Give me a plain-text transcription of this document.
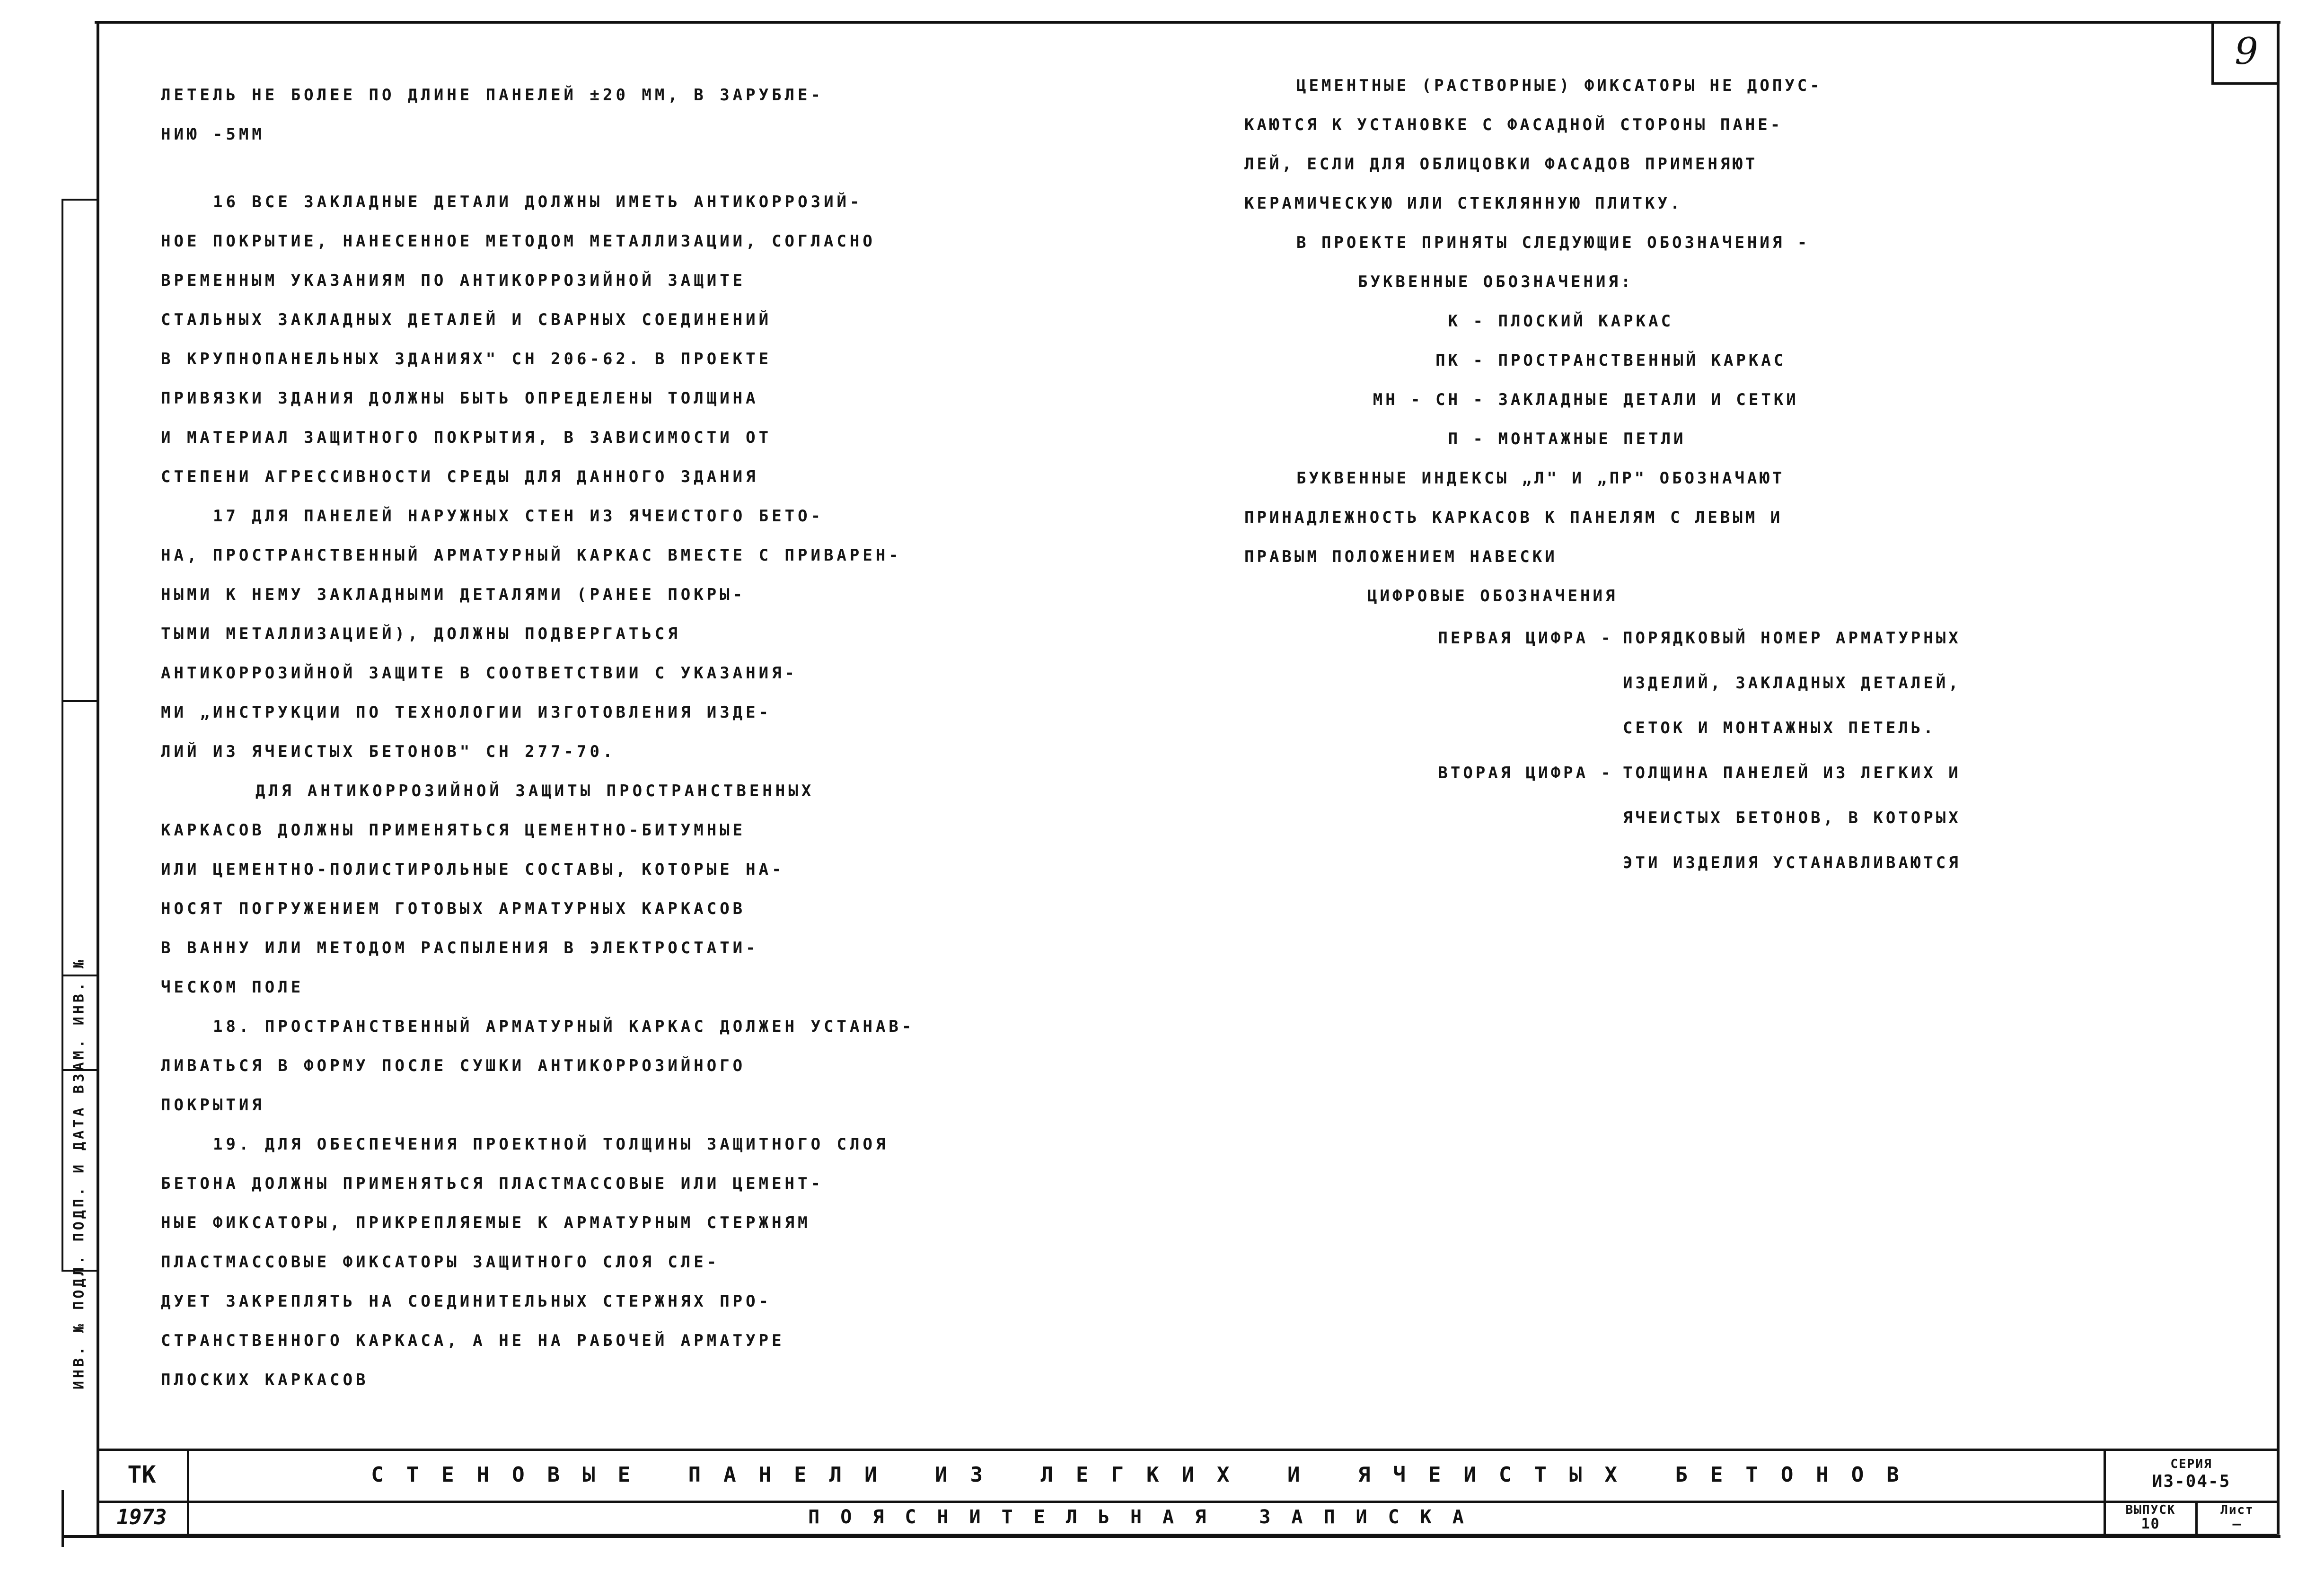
9
ИНВ. № ПОДЛ. ПОДП. И ДАТА ВЗАМ. ИНВ. №

ЛЕТЕЛЬ НЕ БОЛЕЕ ПО ДЛИНЕ ПАНЕЛЕЙ ±20 ММ, В ЗАРУБЛЕ-

НИЮ -5ММ

16 ВСЕ ЗАКЛАДНЫЕ ДЕТАЛИ ДОЛЖНЫ ИМЕТЬ АНТИКОРРОЗИЙ-

НОЕ ПОКРЫТИЕ, НАНЕСЕННОЕ МЕТОДОМ МЕТАЛЛИЗАЦИИ, СОГЛАСНО

ВРЕМЕННЫМ УКАЗАНИЯМ ПО АНТИКОРРОЗИЙНОЙ ЗАЩИТЕ

СТАЛЬНЫХ ЗАКЛАДНЫХ ДЕТАЛЕЙ И СВАРНЫХ СОЕДИНЕНИЙ

В КРУПНОПАНЕЛЬНЫХ ЗДАНИЯХ" СН 206-62. В ПРОЕКТЕ

ПРИВЯЗКИ ЗДАНИЯ ДОЛЖНЫ БЫТЬ ОПРЕДЕЛЕНЫ ТОЛЩИНА

И МАТЕРИАЛ ЗАЩИТНОГО ПОКРЫТИЯ, В ЗАВИСИМОСТИ ОТ

СТЕПЕНИ АГРЕССИВНОСТИ СРЕДЫ ДЛЯ ДАННОГО ЗДАНИЯ

17 ДЛЯ ПАНЕЛЕЙ НАРУЖНЫХ СТЕН ИЗ ЯЧЕИСТОГО БЕТО-

НА, ПРОСТРАНСТВЕННЫЙ АРМАТУРНЫЙ КАРКАС ВМЕСТЕ С ПРИВАРЕН-

НЫМИ К НЕМУ ЗАКЛАДНЫМИ ДЕТАЛЯМИ (РАНЕЕ ПОКРЫ-

ТЫМИ МЕТАЛЛИЗАЦИЕЙ), ДОЛЖНЫ ПОДВЕРГАТЬСЯ

АНТИКОРРОЗИЙНОЙ ЗАЩИТЕ В СООТВЕТСТВИИ С УКАЗАНИЯ-

МИ „ИНСТРУКЦИИ ПО ТЕХНОЛОГИИ ИЗГОТОВЛЕНИЯ ИЗДЕ-

ЛИЙ ИЗ ЯЧЕИСТЫХ БЕТОНОВ" СН 277-70.

ДЛЯ АНТИКОРРОЗИЙНОЙ ЗАЩИТЫ ПРОСТРАНСТВЕННЫХ

КАРКАСОВ ДОЛЖНЫ ПРИМЕНЯТЬСЯ ЦЕМЕНТНО-БИТУМНЫЕ

ИЛИ ЦЕМЕНТНО-ПОЛИСТИРОЛЬНЫЕ СОСТАВЫ, КОТОРЫЕ НА-

НОСЯТ ПОГРУЖЕНИЕМ ГОТОВЫХ АРМАТУРНЫХ КАРКАСОВ

В ВАННУ ИЛИ МЕТОДОМ РАСПЫЛЕНИЯ В ЭЛЕКТРОСТАТИ-

ЧЕСКОМ ПОЛЕ

18. ПРОСТРАНСТВЕННЫЙ АРМАТУРНЫЙ КАРКАС ДОЛЖЕН УСТАНАВ-

ЛИВАТЬСЯ В ФОРМУ ПОСЛЕ СУШКИ АНТИКОРРОЗИЙНОГО

ПОКРЫТИЯ

19. ДЛЯ ОБЕСПЕЧЕНИЯ ПРОЕКТНОЙ ТОЛЩИНЫ ЗАЩИТНОГО СЛОЯ

БЕТОНА ДОЛЖНЫ ПРИМЕНЯТЬСЯ ПЛАСТМАССОВЫЕ ИЛИ ЦЕМЕНТ-

НЫЕ ФИКСАТОРЫ, ПРИКРЕПЛЯЕМЫЕ К АРМАТУРНЫМ СТЕРЖНЯМ

ПЛАСТМАССОВЫЕ ФИКСАТОРЫ ЗАЩИТНОГО СЛОЯ СЛЕ-

ДУЕТ ЗАКРЕПЛЯТЬ НА СОЕДИНИТЕЛЬНЫХ СТЕРЖНЯХ ПРО-

СТРАНСТВЕННОГО КАРКАСА, А НЕ НА РАБОЧЕЙ АРМАТУРЕ

ПЛОСКИХ КАРКАСОВ

ЦЕМЕНТНЫЕ (РАСТВОРНЫЕ) ФИКСАТОРЫ НЕ ДОПУС-

КАЮТСЯ К УСТАНОВКЕ С ФАСАДНОЙ СТОРОНЫ ПАНЕ-

ЛЕЙ, ЕСЛИ ДЛЯ ОБЛИЦОВКИ ФАСАДОВ ПРИМЕНЯЮТ

КЕРАМИЧЕСКУЮ ИЛИ СТЕКЛЯННУЮ ПЛИТКУ.

В ПРОЕКТЕ ПРИНЯТЫ СЛЕДУЮЩИЕ ОБОЗНАЧЕНИЯ -

БУКВЕННЫЕ ОБОЗНАЧЕНИЯ:

К - ПЛОСКИЙ КАРКАС

ПК - ПРОСТРАНСТВЕННЫЙ КАРКАС

МН - СН - ЗАКЛАДНЫЕ ДЕТАЛИ И СЕТКИ

П - МОНТАЖНЫЕ ПЕТЛИ

БУКВЕННЫЕ ИНДЕКСЫ „Л" И „ПР" ОБОЗНАЧАЮТ

ПРИНАДЛЕЖНОСТЬ КАРКАСОВ К ПАНЕЛЯМ С ЛЕВЫМ И

ПРАВЫМ ПОЛОЖЕНИЕМ НАВЕСКИ

ЦИФРОВЫЕ ОБОЗНАЧЕНИЯ

ПЕРВАЯ ЦИФРА - ПОРЯДКОВЫЙ НОМЕР АРМАТУРНЫХ
ИЗДЕЛИЙ, ЗАКЛАДНЫХ ДЕТАЛЕЙ,
СЕТОК И МОНТАЖНЫХ ПЕТЕЛЬ.
ВТОРАЯ ЦИФРА - ТОЛЩИНА ПАНЕЛЕЙ ИЗ ЛЕГКИХ И
ЯЧЕИСТЫХ БЕТОНОВ, В КОТОРЫХ
ЭТИ ИЗДЕЛИЯ УСТАНАВЛИВАЮТСЯ
ТК
1973
СТЕНОВЫЕ ПАНЕЛИ ИЗ ЛЕГКИХ И ЯЧЕИСТЫХ БЕТОНОВ
ПОЯСНИТЕЛЬНАЯ ЗАПИСКА
СЕРИЯ
ИЗ-04-5
ВЫПУСК
10
Лист
—
